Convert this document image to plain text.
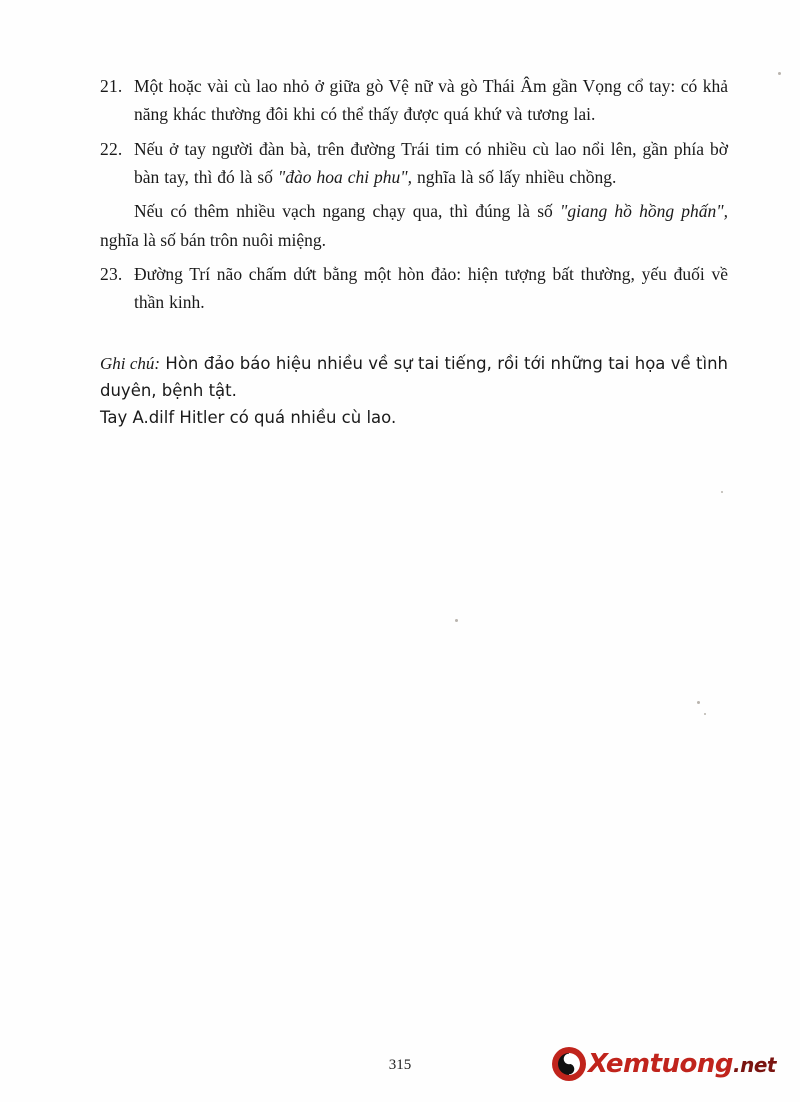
21. Một hoặc vài cù lao nhỏ ở giữa gò Vệ nữ và gò Thái Âm gần Vọng cổ tay: có khả năng khác thường đôi khi có thể thấy được quá khứ và tương lai.
22. Nếu ở tay người đàn bà, trên đường Trái tim có nhiều cù lao nổi lên, gần phía bờ bàn tay, thì đó là số "đào hoa chi phu", nghĩa là số lấy nhiều chồng.
Nếu có thêm nhiều vạch ngang chạy qua, thì đúng là số "giang hồ hồng phấn", nghĩa là số bán trôn nuôi miệng.
23. Đường Trí não chấm dứt bằng một hòn đảo: hiện tượng bất thường, yếu đuối về thần kinh.
Ghi chú: Hòn đảo báo hiệu nhiều về sự tai tiếng, rồi tới những tai họa về tình duyên, bệnh tật.
Tay A.dilf Hitler có quá nhiều cù lao.
315	Xemtuong.net
